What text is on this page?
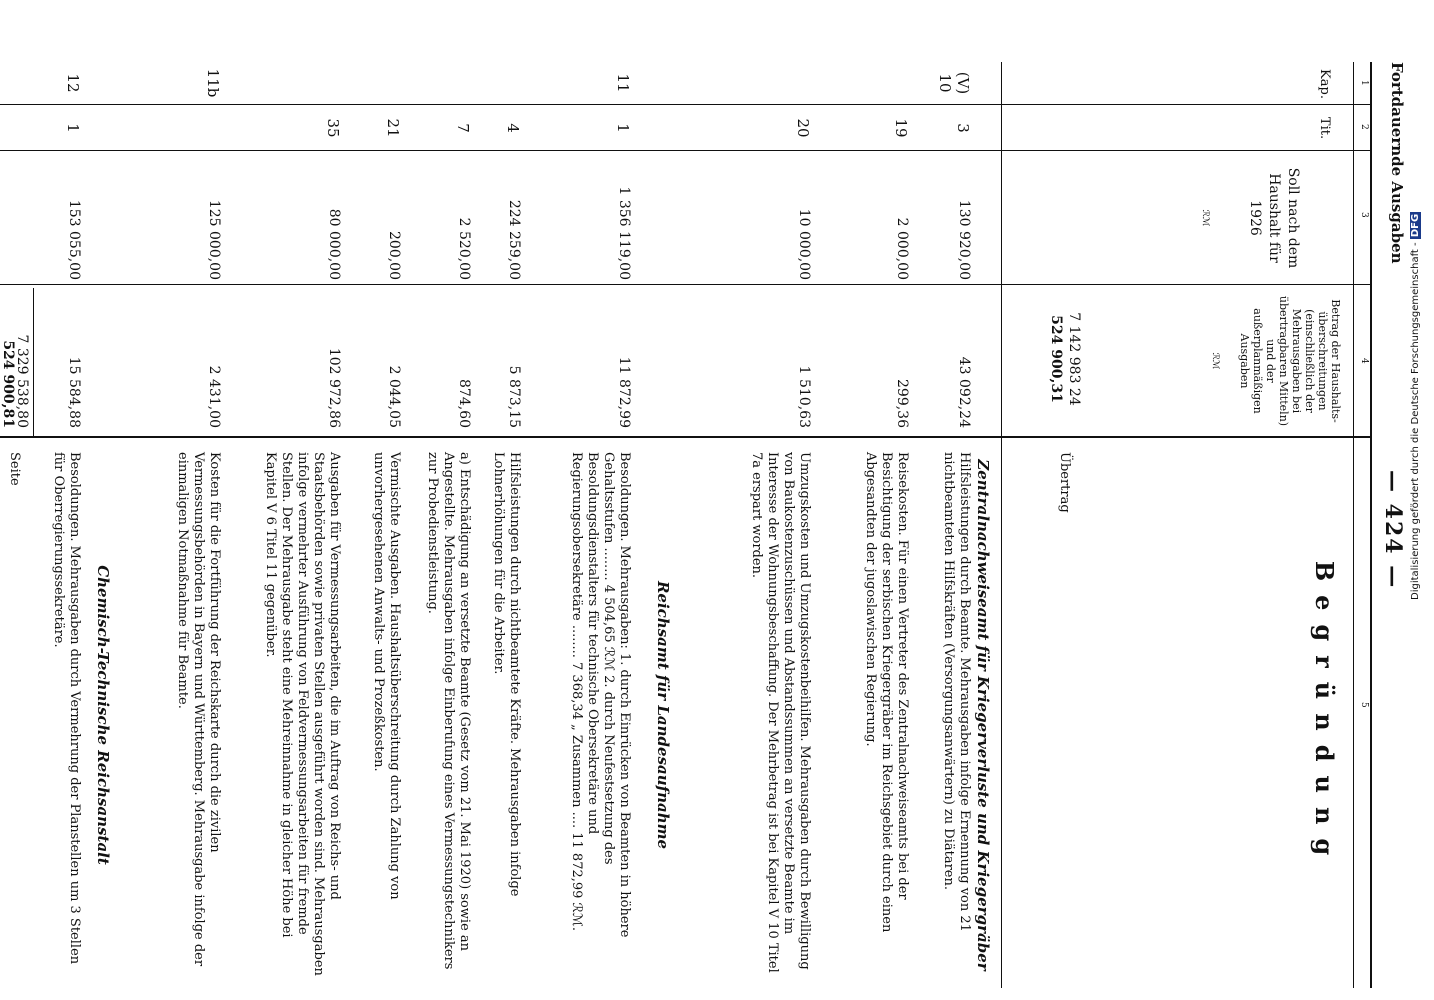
Fortdauernde Ausgaben
— 424 —
1
2
3
4
5
Kap.
Tit.
Soll nach dem Haushalt für 1926
ℛℳ
Betrag der Haushalts-überschreitungen (einschließlich der Mehrausgaben bei übertragbaren Mitteln) und der außerplanmäßigen Ausgaben
ℛℳ
Begründung
7 142 983 24
524 900,31
Übertrag
Zentralnachweiseamt für Kriegerverluste und Kriegergräber
Reichsamt für Landesaufnahme
Chemisch-Technische Reichsanstalt
(V) 10
3
130 920,00
43 092,24
Hilfsleistungen durch Beamte. Mehrausgaben infolge Ernennung von 21 nichtbeamteten Hilfskräften (Versorgungsanwärtern) zu Diätaren.
19
2 000,00
299,36
Reisekosten. Für einen Vertreter des Zentralnachweiseamts bei der Besichtigung der serbischen Kriegergräber im Reichsgebiet durch einen Abgesandten der jugoslawischen Regierung.
20
10 000,00
1 510,63
Umzugskosten und Umzugskostenbeihilfen. Mehrausgaben durch Bewilligung von Baukostenzuschüssen und Abstandssummen an versetzte Beamte im Interesse der Wohnungsbeschaffung. Der Mehrbetrag ist bei Kapitel V 10 Titel 7a erspart worden.
11
1
1 356 119,00
11 872,99
Besoldungen. Mehrausgaben: 1. durch Einrücken von Beamten in höhere Gehaltsstufen ........ 4 504,65 ℛℳ 2. durch Neufestsetzung des Besoldungsdienstalters für technische Obersekretäre und Regierungsobersekretäre ........ 7 368,34 „ Zusammen .... 11 872,99 ℛℳ.
4
224 259,00
5 873,15
Hilfsleistungen durch nichtbeamtete Kräfte. Mehrausgaben infolge Lohnerhöhungen für die Arbeiter.
7
2 520,00
874,60
a) Entschädigung an versetzte Beamte (Gesetz vom 21. Mai 1920) sowie an Angestellte. Mehrausgaben infolge Einberufung eines Vermessungstechnikers zur Probedienstleistung.
21
200,00
2 044,05
Vermischte Ausgaben. Haushaltsüberschreitung durch Zahlung von unvorhergesehenen Anwalts- und Prozeßkosten.
35
80 000,00
102 972,86
Ausgaben für Vermessungsarbeiten, die im Auftrag von Reichs- und Staatsbehörden sowie privaten Stellen ausgeführt worden sind. Mehrausgaben infolge vermehrter Ausführung von Feldvermessungsarbeiten für fremde Stellen. Der Mehrausgabe steht eine Mehreinnahme in gleicher Höhe bei Kapitel V 6 Titel 11 gegenüber.
11b
125 000,00
2 431,00
Kosten für die Fortführung der Reichskarte durch die zivilen Vermessungsbehörden in Bayern und Württemberg. Mehrausgabe infolge der einmaligen Notmaßnahme für Beamte.
12
1
153 055,00
15 584,88
Besoldungen. Mehrausgaben durch Vermehrung der Planstellen um 3 Stellen für Oberregierungssekretäre.
7 329 538,80
524 900,81
Seite	Digitalisierung gefördert durch die Deutsche Forschungsgemeinschaft - DFG
